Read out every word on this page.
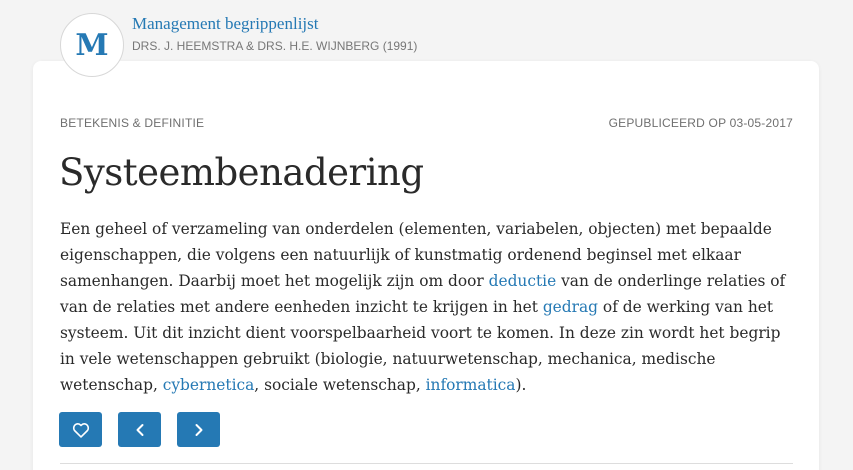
M
Management begrippenlijst
DRS. J. HEEMSTRA & DRS. H.E. WIJNBERG (1991)
BETEKENIS & DEFINITIE	GEPUBLICEERD OP 03-05-2017
Systeembenadering

Een geheel of verzameling van onderdelen (elementen, variabelen, objecten) met bepaalde eigenschappen, die volgens een natuurlijk of kunstmatig ordenend beginsel met elkaar samenhangen. Daarbij moet het mogelijk zijn om door deductie van de onderlinge relaties of van de relaties met andere eenheden inzicht te krijgen in het gedrag of de werking van het systeem. Uit dit inzicht dient voorspelbaarheid voort te komen. In deze zin wordt het begrip in vele wetenschappen gebruikt (biologie, natuurwetenschap, mechanica, medische wetenschap, cybernetica, sociale wetenschap, informatica).
